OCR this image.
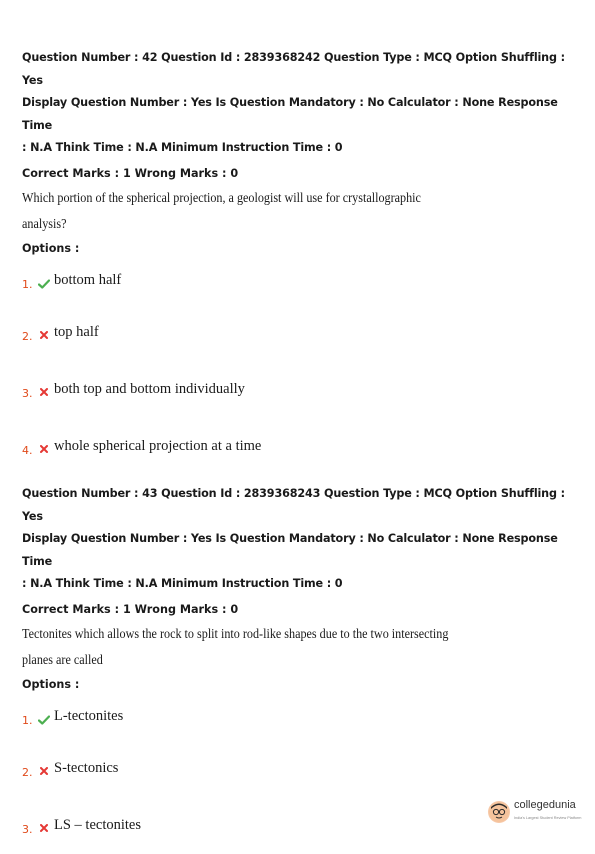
Question Number : 42 Question Id : 2839368242 Question Type : MCQ Option Shuffling : Yes
Display Question Number : Yes Is Question Mandatory : No Calculator : None Response Time
: N.A Think Time : N.A Minimum Instruction Time : 0
Correct Marks : 1 Wrong Marks : 0
Which portion of the spherical projection, a geologist will use for crystallographic
analysis?
Options :
1. bottom half
2. top half
3. both top and bottom individually
4. whole spherical projection at a time
Question Number : 43 Question Id : 2839368243 Question Type : MCQ Option Shuffling : Yes
Display Question Number : Yes Is Question Mandatory : No Calculator : None Response Time
: N.A Think Time : N.A Minimum Instruction Time : 0
Correct Marks : 1 Wrong Marks : 0
Tectonites which allows the rock to split into rod-like shapes due to the two intersecting
planes are called
Options :
1. L-tectonites
2. S-tectonics
3. LS – tectonites
collegedunia
India's Largest Student Review Platform
